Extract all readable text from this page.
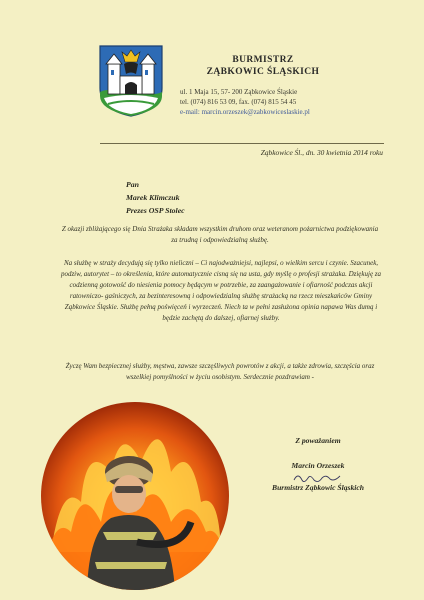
BURMISTRZ
ZĄBKOWIC ŚLĄSKICH
ul. 1 Maja 15, 57- 200 Ząbkowice Śląskie
tel. (074) 816 53 09, fax. (074) 815 54 45
e-mail: marcin.orzeszek@zabkowiceslaskie.pl
Ząbkowice Śl., dn. 30 kwietnia 2014 roku
Pan
Marek Klimczuk
Prezes OSP Stolec
Z okazji zbliżającego się Dnia Strażaka składam wszystkim druhom oraz weteranom pożarnictwa podziękowania za trudną i odpowiedzialną służbę.
Na służbę w straży decydują się tylko nieliczni – Ci najodważniejsi, najlepsi, o wielkim sercu i czynie. Szacunek, podziw, autorytet – to określenia, które automatycznie cisną się na usta, gdy myślę o profesji strażaka. Dziękuję za codzienną gotowość do niesienia pomocy będącym w potrzebie, za zaangażowanie i ofiarność podczas akcji ratowniczo- gaśniczych, za bezinteresowną i odpowiedzialną służbę strażacką na rzecz mieszkańców Gminy Ząbkowice Śląskie. Służbę pełną poświęceń i wyrzeczeń. Niech ta w pełni zasłużona opinia napawa Was dumą i będzie zachętą do dalszej, ofiarnej służby.
Życzę Wam bezpiecznej służby, męstwa, zawsze szczęśliwych powrotów z akcji, a także zdrowia, szczęścia oraz wszelkiej pomyślności w życiu osobistym. Serdecznie pozdrawiam -
Z poważaniem
Marcin Orzeszek
Burmistrz Ząbkowic Śląskich
